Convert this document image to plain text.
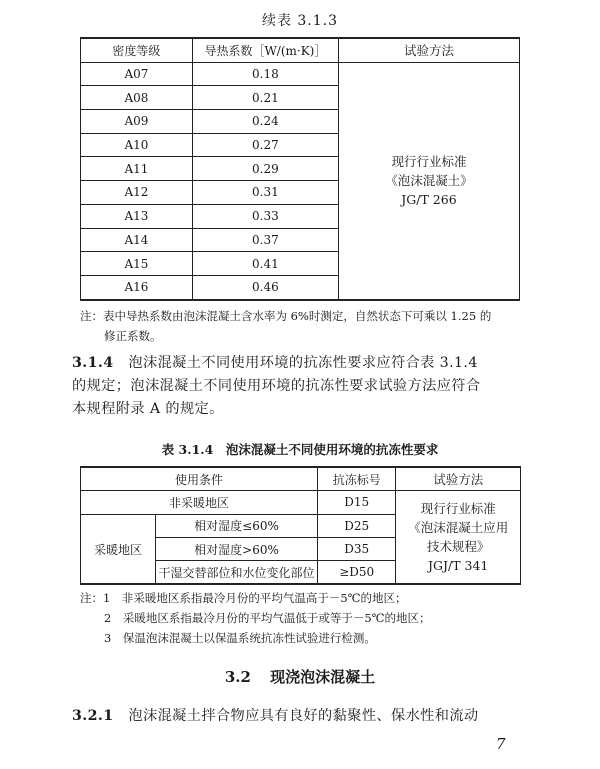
续表 3.1.3
密度等级	导热系数［W/(m·K)］	试验方法
A07	0.18	现行行业标准
《泡沫混凝土》
JG/T 266

A08	0.21	
A09	0.24	
A10	0.27	
A11	0.29	
A12	0.31	
A13	0.33	
A14	0.37	
A15	0.41	
A16	0.46	
注：表中导热系数由泡沫混凝土含水率为 6%时测定，自然状态下可乘以 1.25 的
修正系数。
3.1.4 泡沫混凝土不同使用环境的抗冻性要求应符合表 3.1.4
的规定；泡沫混凝土不同使用环境的抗冻性要求试验方法应符合
本规程附录 A 的规定。
表 3.1.4　泡沫混凝土不同使用环境的抗冻性要求
使用条件		抗冻标号	试验方法
非采暖地区		D15	现行行业标准
《泡沫混凝土应用
技术规程》
JGJ/T 341

采暖地区	相对湿度≤60%	D25	
	相对湿度>60%	D35	
	干湿交替部位和水位变化部位	≥D50	
注：1　非采暖地区系指最冷月份的平均气温高于－5℃的地区；
2　采暖地区系指最冷月份的平均气温低于或等于－5℃的地区；
3　保温泡沫混凝土以保温系统抗冻性试验进行检测。
3.2 现浇泡沫混凝土
3.2.1 泡沫混凝土拌合物应具有良好的黏聚性、保水性和流动
7
